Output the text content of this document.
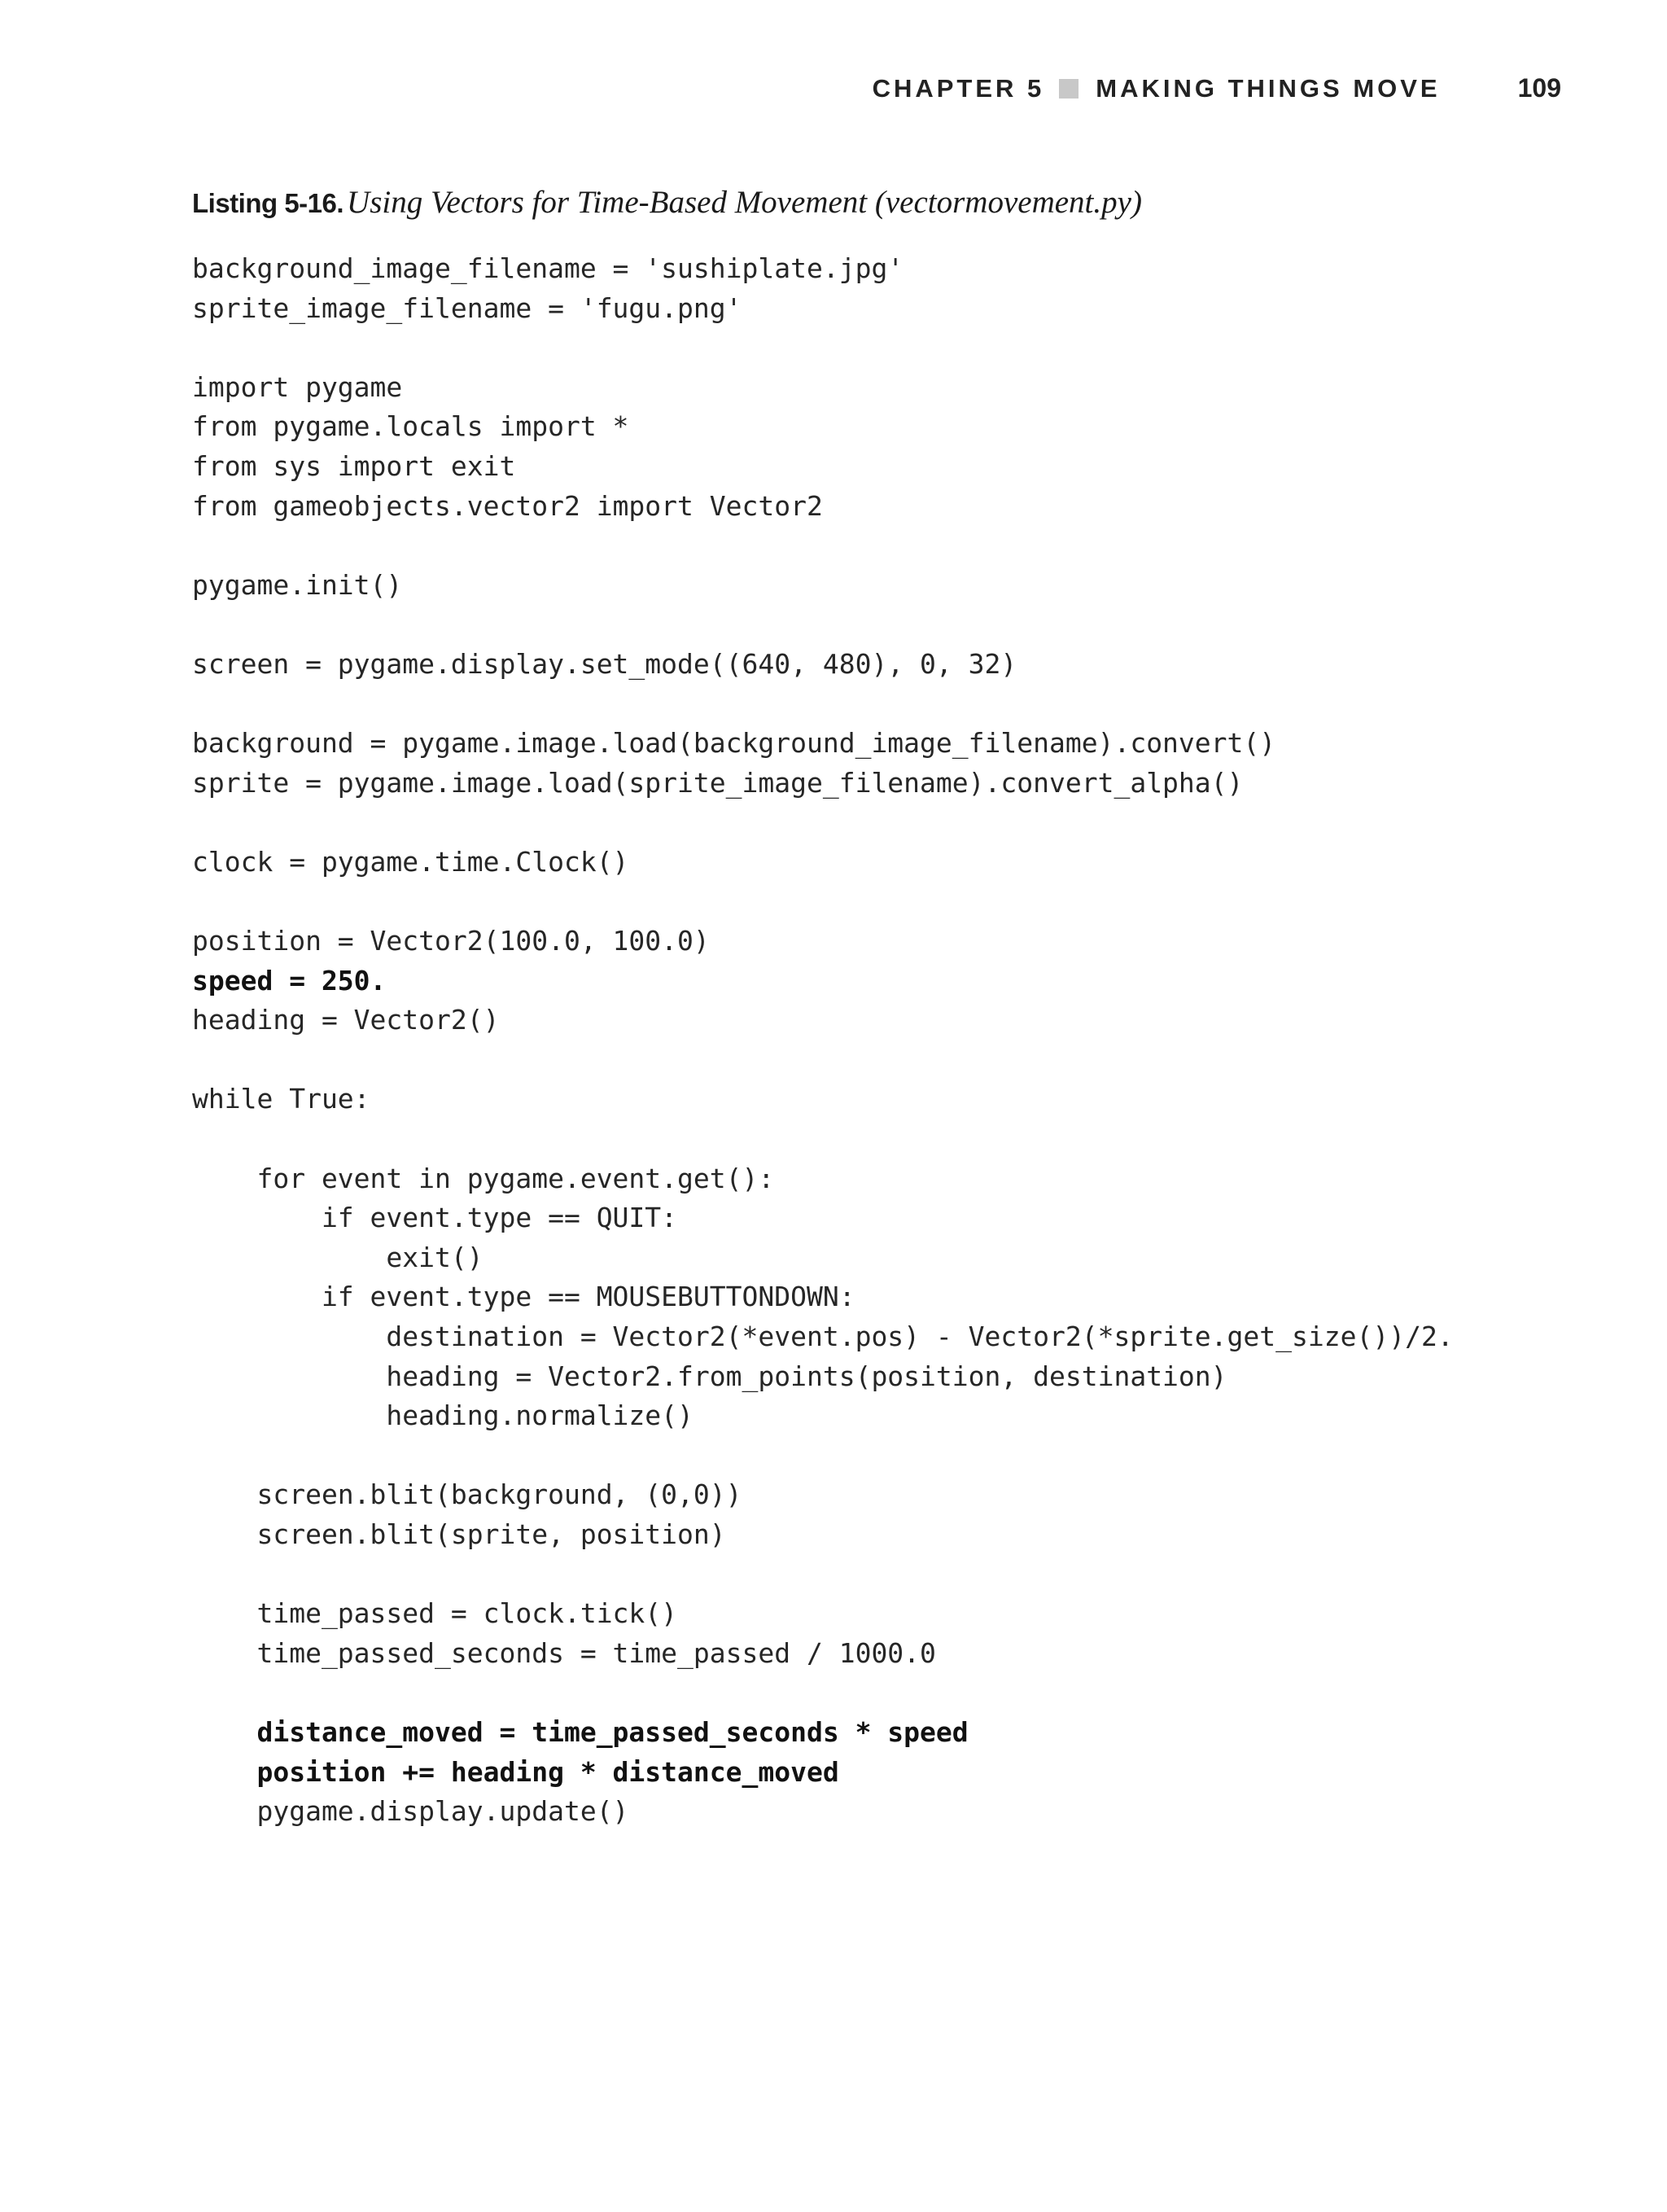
CHAPTER 5 MAKING THINGS MOVE	109
Listing 5-16. Using Vectors for Time-Based Movement (vectormovement.py)
background_image_filename = 'sushiplate.jpg'
sprite_image_filename = 'fugu.png'
import pygame
from pygame.locals import *
from sys import exit
from gameobjects.vector2 import Vector2
pygame.init()
screen = pygame.display.set_mode((640, 480), 0, 32)
background = pygame.image.load(background_image_filename).convert()
sprite = pygame.image.load(sprite_image_filename).convert_alpha()
clock = pygame.time.Clock()
position = Vector2(100.0, 100.0)
speed = 250.
heading = Vector2()
while True:
for event in pygame.event.get():
if event.type == QUIT:
exit()
if event.type == MOUSEBUTTONDOWN:
destination = Vector2(*event.pos) - Vector2(*sprite.get_size())/2.
heading = Vector2.from_points(position, destination)
heading.normalize()
screen.blit(background, (0,0))
screen.blit(sprite, position)
time_passed = clock.tick()
time_passed_seconds = time_passed / 1000.0
distance_moved = time_passed_seconds * speed
position += heading * distance_moved
pygame.display.update()
